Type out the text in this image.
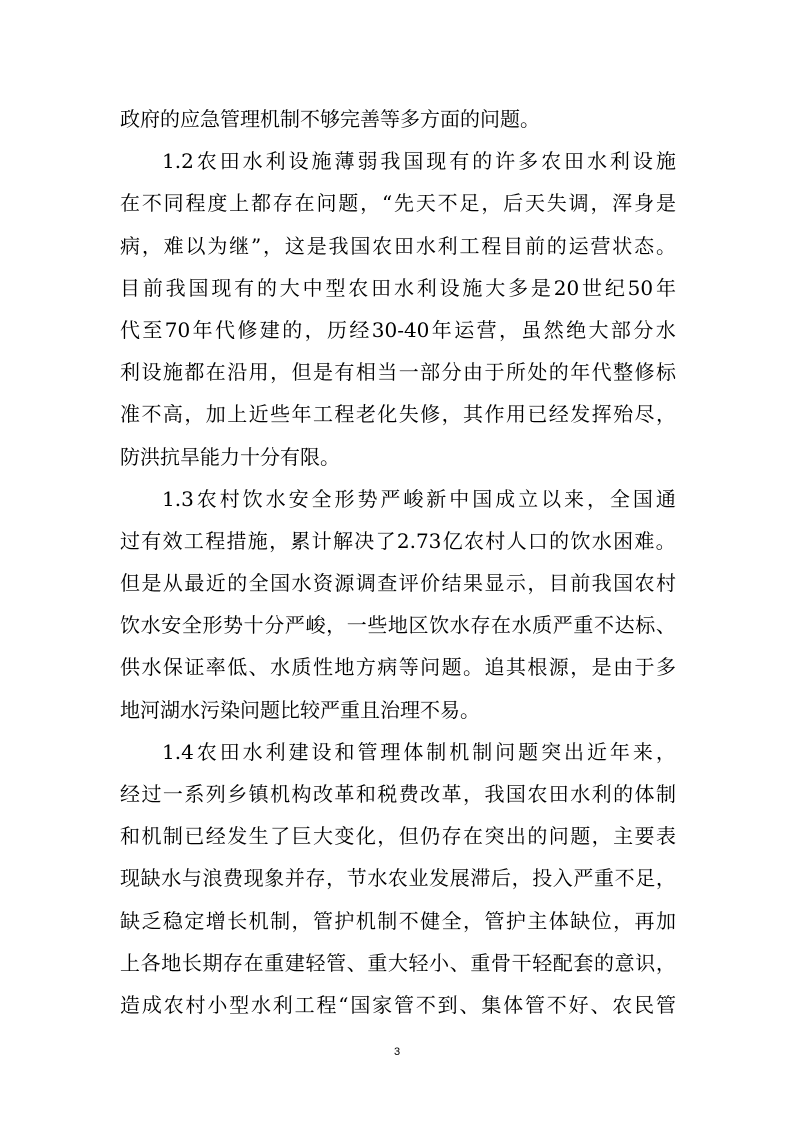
政府的应急管理机制不够完善等多方面的问题。
1.2 农 田 水 利 设 施 薄 弱 我 国 现 有 的 许 多 农 田 水 利 设 施
在 不 同 程 度 上 都 存 在 问 题 ， “ 先 天 不 足 ， 后 天 失 调 ， 浑 身 是
病 ， 难 以 为 继 ” ， 这 是 我 国 农 田 水 利 工 程 目 前 的 运 营 状 态 。
目 前 我 国 现 有 的 大 中 型 农 田 水 利 设 施 大 多 是 20 世 纪 50 年
代 至 70 年 代 修 建 的 ， 历 经 30-40 年 运 营 ， 虽 然 绝 大 部 分 水
利 设 施 都 在 沿 用 ， 但 是 有 相 当 一 部 分 由 于 所 处 的 年 代 整 修 标
准 不 高 ， 加 上 近 些 年 工 程 老 化 失 修 ， 其 作 用 已 经 发 挥 殆 尽 ，
防洪抗旱能力十分有限。
1.3 农 村 饮 水 安 全 形 势 严 峻 新 中 国 成 立 以 来 ， 全 国 通
过 有 效 工 程 措 施 ， 累 计 解 决 了 2.73 亿 农 村 人 口 的 饮 水 困 难 。
但 是 从 最 近 的 全 国 水 资 源 调 查 评 价 结 果 显 示 ， 目 前 我 国 农 村
饮 水 安 全 形 势 十 分 严 峻 ， 一 些 地 区 饮 水 存 在 水 质 严 重 不 达 标 、
供 水 保 证 率 低 、 水 质 性 地 方 病 等 问 题 。 追 其 根 源 ， 是 由 于 多
地河湖水污染问题比较严重且治理不易。
1.4 农 田 水 利 建 设 和 管 理 体 制 机 制 问 题 突 出 近 年 来 ，
经 过 一 系 列 乡 镇 机 构 改 革 和 税 费 改 革 ， 我 国 农 田 水 利 的 体 制
和 机 制 已 经 发 生 了 巨 大 变 化 ， 但 仍 存 在 突 出 的 问 题 ， 主 要 表
现 缺 水 与 浪 费 现 象 并 存 ， 节 水 农 业 发 展 滞 后 ， 投 入 严 重 不 足 ，
缺 乏 稳 定 增 长 机 制 ， 管 护 机 制 不 健 全 ， 管 护 主 体 缺 位 ， 再 加
上 各 地 长 期 存 在 重 建 轻 管 、 重 大 轻 小 、 重 骨 干 轻 配 套 的 意 识 ，
造 成 农 村 小 型 水 利 工 程 “ 国 家 管 不 到 、 集 体 管 不 好 、 农 民 管
3
